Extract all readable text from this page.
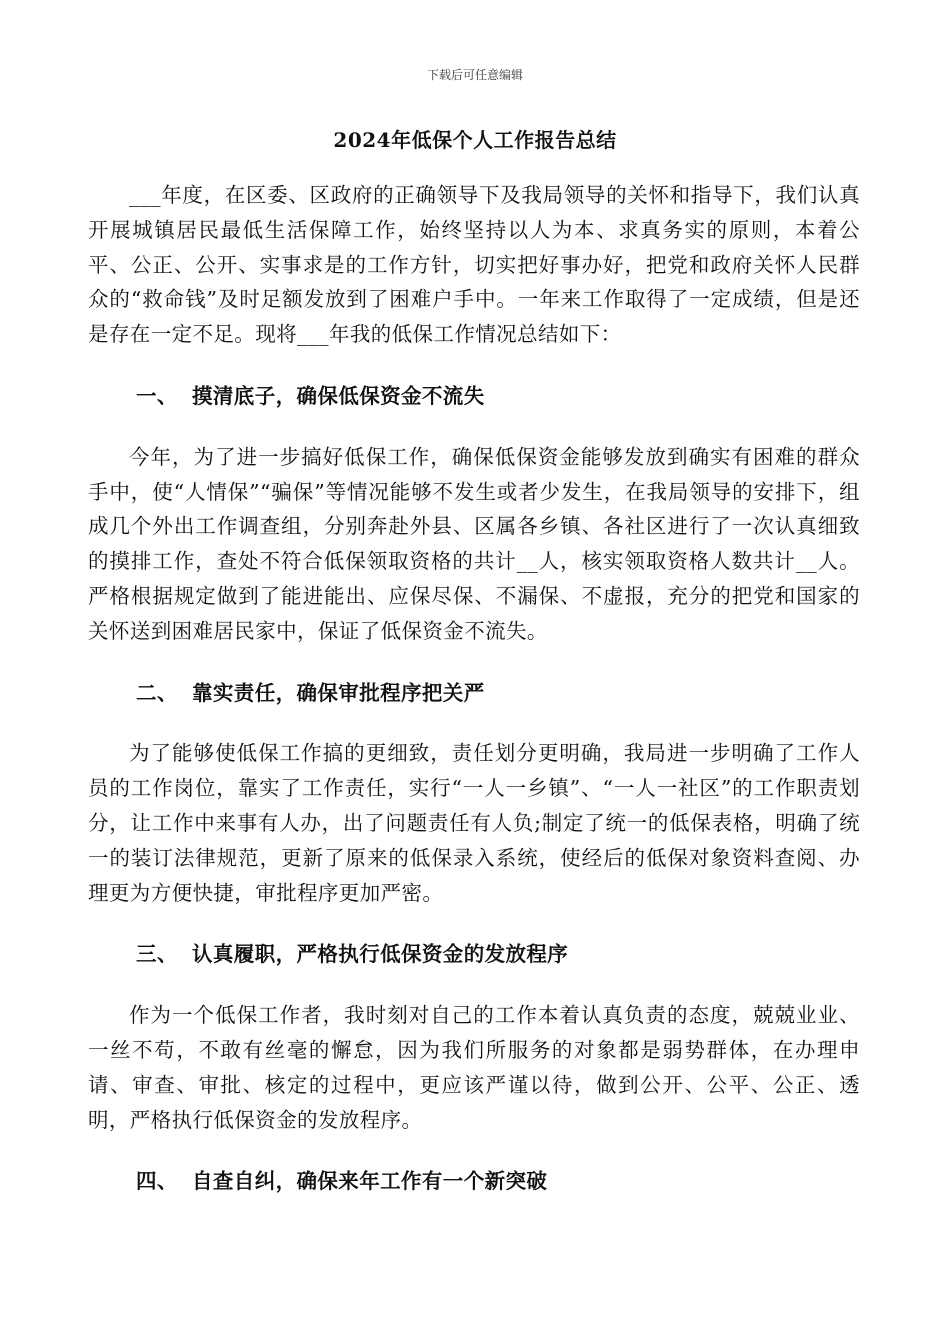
下载后可任意编辑
2024年低保个人工作报告总结

___年度，在区委、区政府的正确领导下及我局领导的关怀和指导下，我们认真开展城镇居民最低生活保障工作，始终坚持以人为本、求真务实的原则，本着公平、公正、公开、实事求是的工作方针，切实把好事办好，把党和政府关怀人民群众的“救命钱”及时足额发放到了困难户手中。一年来工作取得了一定成绩，但是还是存在一定不足。现将___年我的低保工作情况总结如下：

一、 摸清底子，确保低保资金不流失

今年，为了进一步搞好低保工作，确保低保资金能够发放到确实有困难的群众手中，使“人情保”“骗保”等情况能够不发生或者少发生，在我局领导的安排下，组成几个外出工作调查组，分别奔赴外县、区属各乡镇、各社区进行了一次认真细致的摸排工作，查处不符合低保领取资格的共计__人，核实领取资格人数共计__人。严格根据规定做到了能进能出、应保尽保、不漏保、不虚报，充分的把党和国家的关怀送到困难居民家中，保证了低保资金不流失。

二、 靠实责任，确保审批程序把关严

为了能够使低保工作搞的更细致，责任划分更明确，我局进一步明确了工作人员的工作岗位，靠实了工作责任，实行“一人一乡镇”、“一人一社区”的工作职责划分，让工作中来事有人办，出了问题责任有人负;制定了统一的低保表格，明确了统一的装订法律规范，更新了原来的低保录入系统，使经后的低保对象资料查阅、办理更为方便快捷，审批程序更加严密。

三、 认真履职，严格执行低保资金的发放程序

作为一个低保工作者，我时刻对自己的工作本着认真负责的态度，兢兢业业、一丝不苟，不敢有丝毫的懈怠，因为我们所服务的对象都是弱势群体，在办理申请、审查、审批、核定的过程中，更应该严谨以待，做到公开、公平、公正、透明，严格执行低保资金的发放程序。

四、 自查自纠，确保来年工作有一个新突破
